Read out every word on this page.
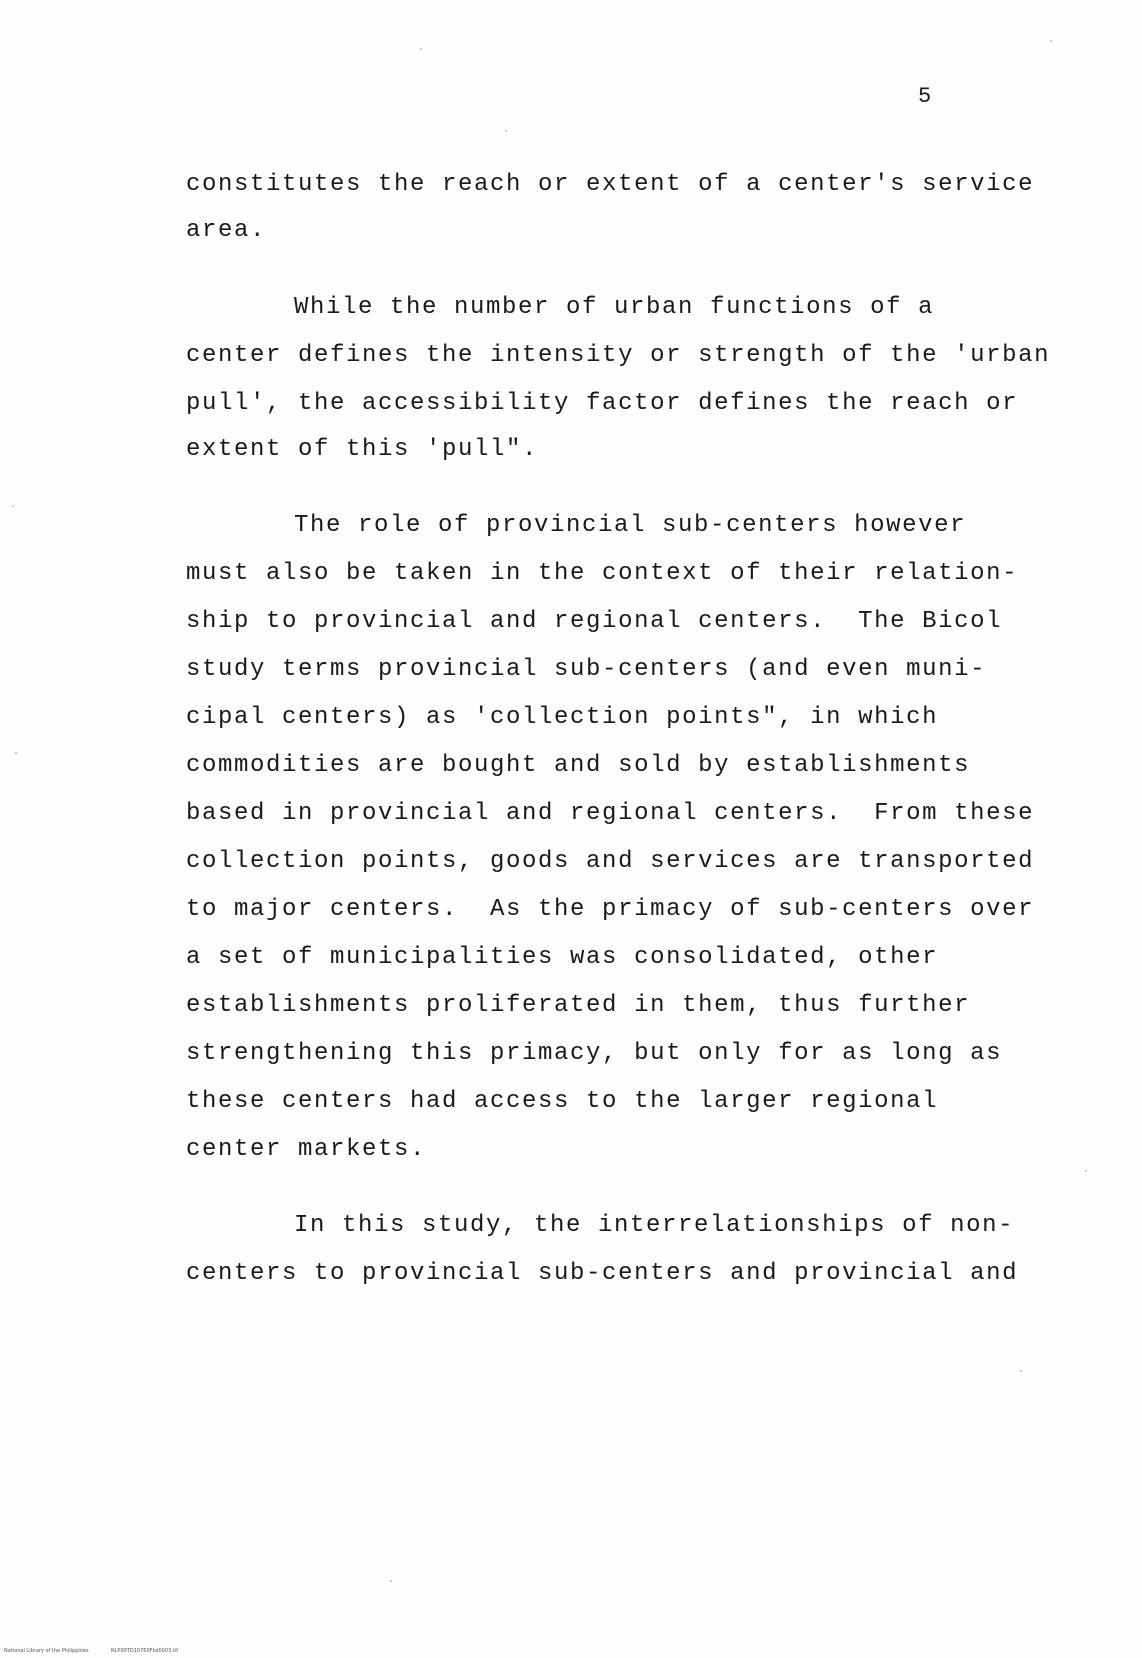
5
constitutes the reach or extent of a center's service
area.
While the number of urban functions of a
center defines the intensity or strength of the 'urban
pull', the accessibility factor defines the reach or
extent of this 'pull".
The role of provincial sub-centers however
must also be taken in the context of their relation-
ship to provincial and regional centers.  The Bicol
study terms provincial sub-centers (and even muni-
cipal centers) as 'collection points", in which
commodities are bought and sold by establishments
based in provincial and regional centers.  From these
collection points, goods and services are transported
to major centers.  As the primacy of sub-centers over
a set of municipalities was consolidated, other
establishments proliferated in them, thus further
strengthening this primacy, but only for as long as
these centers had access to the larger regional
center markets.
In this study, the interrelationships of non-
centers to provincial sub-centers and provincial and
National Library of the Philippines	NLP00TD10760Fkd0003.tif
